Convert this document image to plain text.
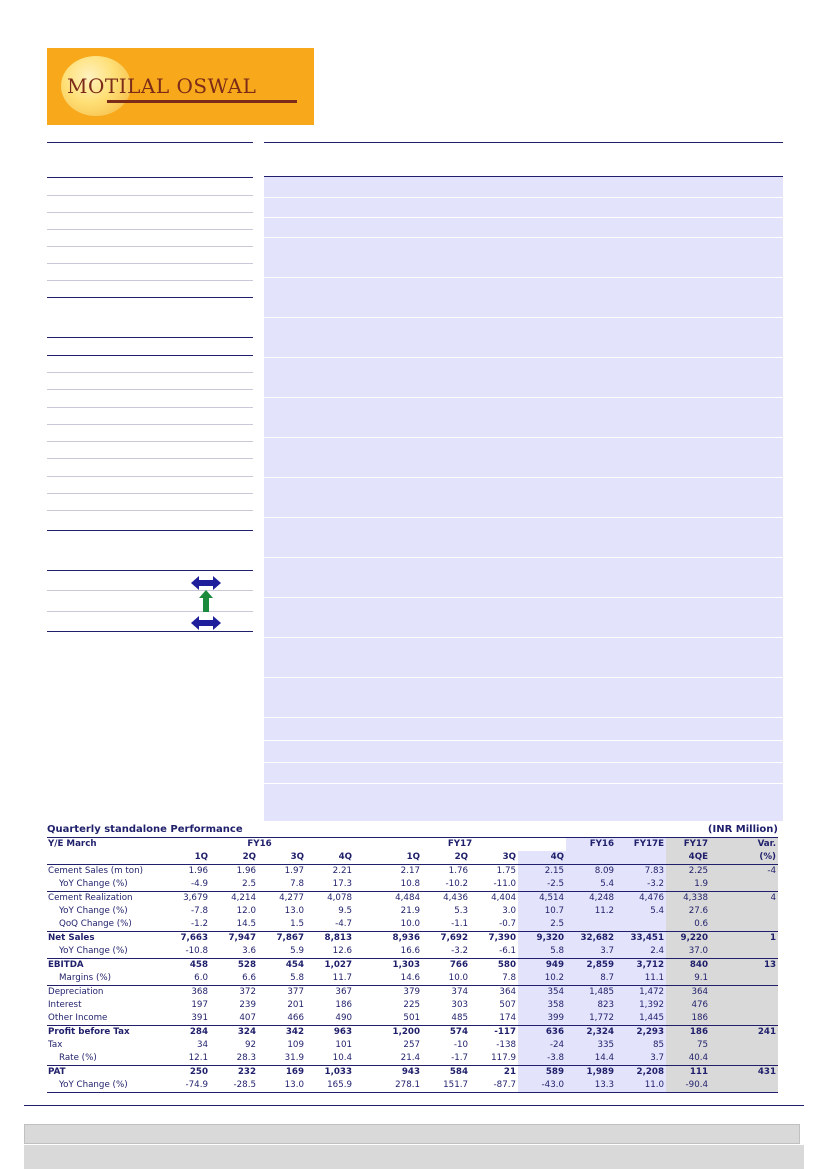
MOTILAL OSWAL
Quarterly standalone Performance	(INR Million)
Y/E March	FY16				FY17				FY16	FY17E	FY17	Var.
	1Q	2Q	3Q	4Q	1Q	2Q	3Q	4Q			4QE	(%)
Cement Sales (m ton)	1.96	1.96	1.97	2.21	2.17	1.76	1.75	2.15	8.09	7.83	2.25	-4
YoY Change (%)	-4.9	2.5	7.8	17.3	10.8	-10.2	-11.0	-2.5	5.4	-3.2	1.9	
Cement Realization	3,679	4,214	4,277	4,078	4,484	4,436	4,404	4,514	4,248	4,476	4,338	4
YoY Change (%)	-7.8	12.0	13.0	9.5	21.9	5.3	3.0	10.7	11.2	5.4	27.6	
QoQ Change (%)	-1.2	14.5	1.5	-4.7	10.0	-1.1	-0.7	2.5			0.6	
Net Sales	7,663	7,947	7,867	8,813	8,936	7,692	7,390	9,320	32,682	33,451	9,220	1
YoY Change (%)	-10.8	3.6	5.9	12.6	16.6	-3.2	-6.1	5.8	3.7	2.4	37.0	
EBITDA	458	528	454	1,027	1,303	766	580	949	2,859	3,712	840	13
Margins (%)	6.0	6.6	5.8	11.7	14.6	10.0	7.8	10.2	8.7	11.1	9.1	
Depreciation	368	372	377	367	379	374	364	354	1,485	1,472	364	
Interest	197	239	201	186	225	303	507	358	823	1,392	476	
Other Income	391	407	466	490	501	485	174	399	1,772	1,445	186	
Profit before Tax	284	324	342	963	1,200	574	-117	636	2,324	2,293	186	241
Tax	34	92	109	101	257	-10	-138	-24	335	85	75	
Rate (%)	12.1	28.3	31.9	10.4	21.4	-1.7	117.9	-3.8	14.4	3.7	40.4	
PAT	250	232	169	1,033	943	584	21	589	1,989	2,208	111	431
YoY Change (%)	-74.9	-28.5	13.0	165.9	278.1	151.7	-87.7	-43.0	13.3	11.0	-90.4	
